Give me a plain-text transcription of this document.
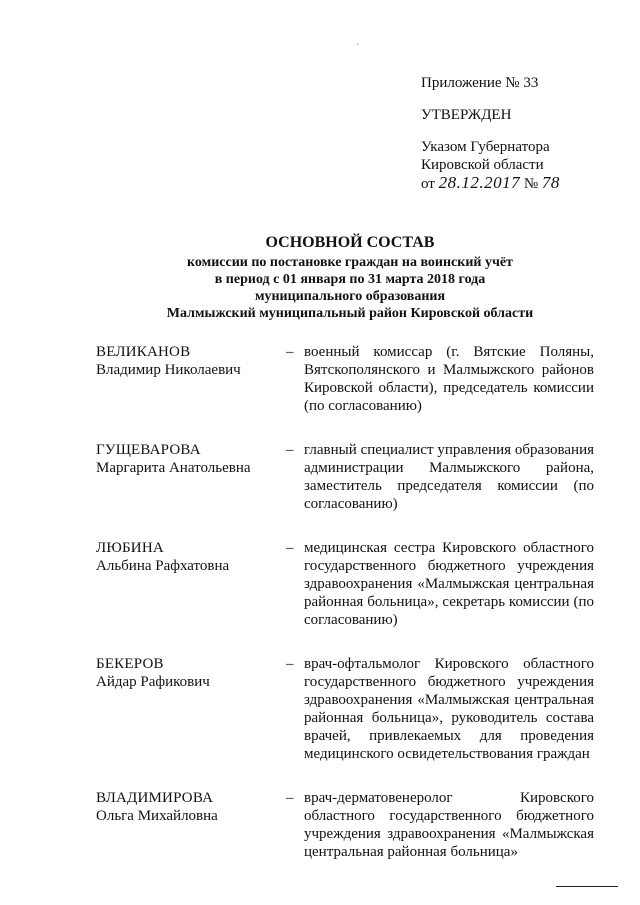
·

Приложение № 33

УТВЕРЖДЕН

Указом Губернатора

Кировской области

от 28.12.2017 № 78

ОСНОВНОЙ СОСТАВ
комиссии по постановке граждан на воинский учёт
в период с 01 января по 31 марта 2018 года
муниципального образования
Малмыжский муниципальный район Кировской области
ВЕЛИКАНОВ
Владимир Николаевич
– военный комиссар (г. Вятские Поляны, Вятскополянского и Малмыжского районов Кировской области), председатель комиссии (по согласованию)
ГУЩЕВАРОВА
Маргарита Анатольевна
– главный специалист управления образования администрации Малмыжского района, заместитель председателя комиссии (по согласованию)
ЛЮБИНА
Альбина Рафхатовна
– медицинская сестра Кировского областного государственного бюджетного учреждения здравоохранения «Малмыжская центральная районная больница», секретарь комиссии (по согласованию)
БЕКЕРОВ
Айдар Рафикович
– врач-офтальмолог Кировского областного государственного бюджетного учреждения здравоохранения «Малмыжская центральная районная больница», руководитель состава врачей, привлекаемых для проведения медицинского освидетельствования граждан
ВЛАДИМИРОВА
Ольга Михайловна
– врач-дерматовенеролог Кировского областного государственного бюджетного учреждения здравоохранения «Малмыжская центральная районная больница»
